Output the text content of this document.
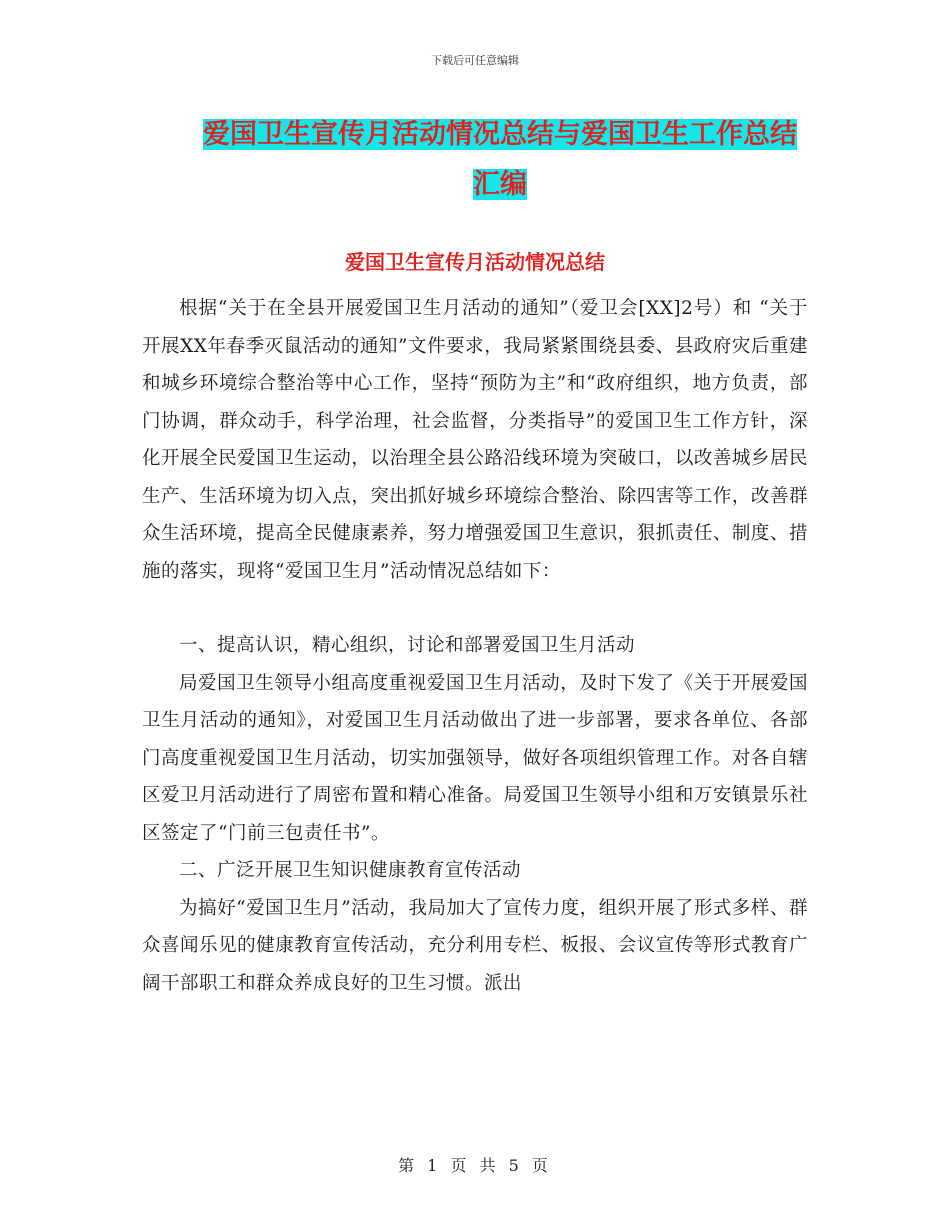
下载后可任意编辑
爱国卫生宣传月活动情况总结与爱国卫生工作总结汇编
爱国卫生宣传月活动情况总结

根据“关于在全县开展爱国卫生月活动的通知”（爱卫会[XX]2号）和 “关于开展XX年春季灭鼠活动的通知”文件要求，我局紧紧围绕县委、县政府灾后重建和城乡环境综合整治等中心工作，坚持“预防为主”和“政府组织，地方负责，部门协调，群众动手，科学治理，社会监督，分类指导”的爱国卫生工作方针，深化开展全民爱国卫生运动，以治理全县公路沿线环境为突破口，以改善城乡居民生产、生活环境为切入点，突出抓好城乡环境综合整治、除四害等工作，改善群众生活环境，提高全民健康素养，努力增强爱国卫生意识，狠抓责任、制度、措施的落实，现将“爱国卫生月”活动情况总结如下：

一、提高认识，精心组织，讨论和部署爱国卫生月活动

局爱国卫生领导小组高度重视爱国卫生月活动，及时下发了《关于开展爱国卫生月活动的通知》，对爱国卫生月活动做出了进一步部署，要求各单位、各部门高度重视爱国卫生月活动，切实加强领导，做好各项组织管理工作。对各自辖区爱卫月活动进行了周密布置和精心准备。局爱国卫生领导小组和万安镇景乐社区签定了“门前三包责任书”。

二、广泛开展卫生知识健康教育宣传活动

为搞好“爱国卫生月”活动，我局加大了宣传力度，组织开展了形式多样、群众喜闻乐见的健康教育宣传活动，充分利用专栏、板报、会议宣传等形式教育广阔干部职工和群众养成良好的卫生习惯。派出

第 1 页 共 5 页
